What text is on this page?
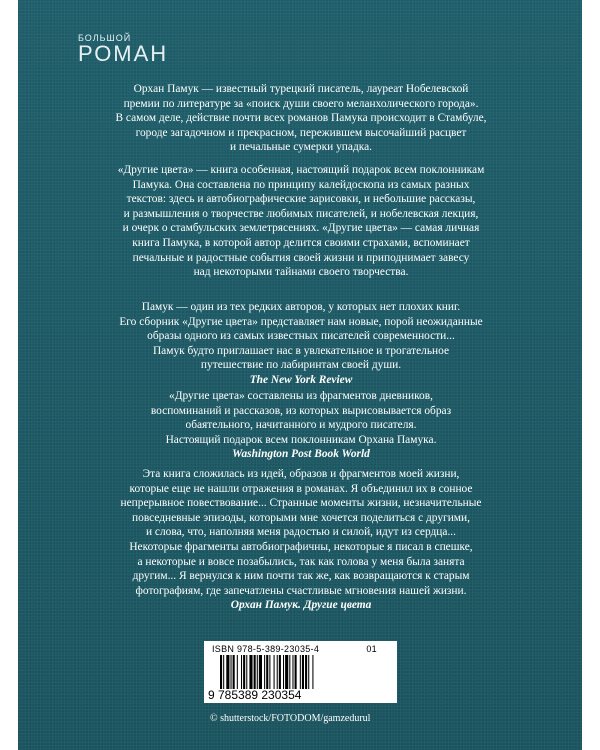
БОЛЬШОЙ
РОМАН

Орхан Памук — известный турецкий писатель, лауреат Нобелевской

премии по литературе за «поиск души своего меланхолического города».

В самом деле, действие почти всех романов Памука происходит в Стамбуле,

городе загадочном и прекрасном, пережившем высочайший расцвет

и печальные сумерки упадка.

«Другие цвета» — книга особенная, настоящий подарок всем поклонникам

Памука. Она составлена по принципу калейдоскопа из самых разных

текстов: здесь и автобиографические зарисовки, и небольшие рассказы,

и размышления о творчестве любимых писателей, и нобелевская лекция,

и очерк о стамбульских землетрясениях. «Другие цвета» — самая личная

книга Памука, в которой автор делится своими страхами, вспоминает

печальные и радостные события своей жизни и приподнимает завесу

над некоторыми тайнами своего творчества.

Памук — один из тех редких авторов, у которых нет плохих книг.

Его сборник «Другие цвета» представляет нам новые, порой неожиданные

образы одного из самых известных писателей современности...

Памук будто приглашает нас в увлекательное и трогательное

путешествие по лабиринтам своей души.

The New York Review

«Другие цвета» составлены из фрагментов дневников,

воспоминаний и рассказов, из которых вырисовывается образ

обаятельного, начитанного и мудрого писателя.

Настоящий подарок всем поклонникам Орхана Памука.

Washington Post Book World

Эта книга сложилась из идей, образов и фрагментов моей жизни,

которые еще не нашли отражения в романах. Я объединил их в сонное

непрерывное повествование... Странные моменты жизни, незначительные

повседневные эпизоды, которыми мне хочется поделиться с другими,

и слова, что, наполняя меня радостью и силой, идут из сердца...

Некоторые фрагменты автобиографичны, некоторые я писал в спешке,

а некоторые и вовсе позабылись, так как голова у меня была занята

другим... Я вернулся к ним почти так же, как возвращаются к старым

фотографиям, где запечатлены счастливые мгновения нашей жизни.

Орхан Памук. Другие цвета

ISBN 978-5-389-23035-4	01
9 785389 230354
© shutterstock/FOTODOM/gamzedurul
